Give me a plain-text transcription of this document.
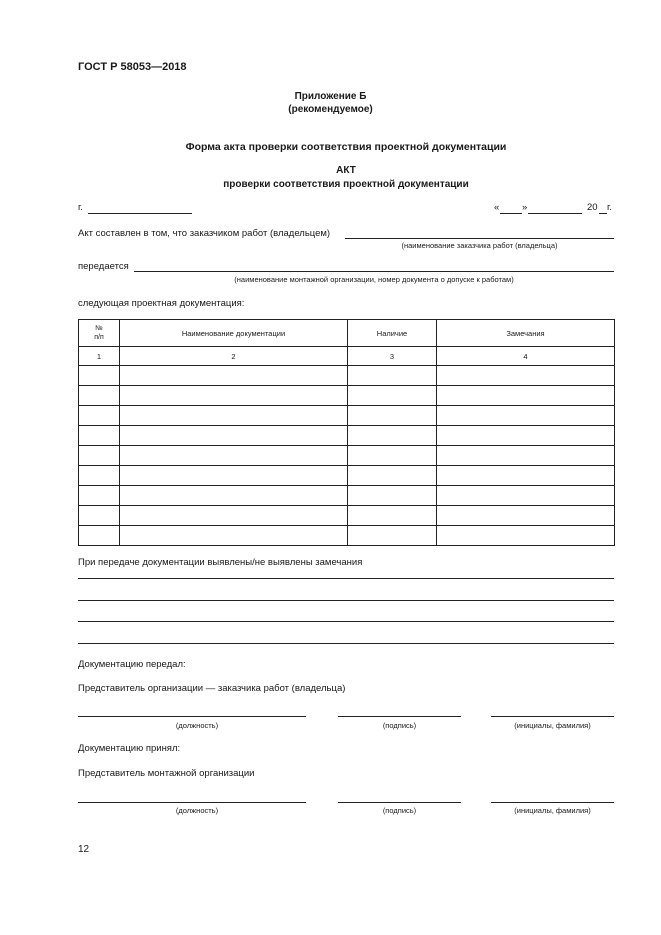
ГОСТ Р 58053—2018
Приложение Б
(рекомендуемое)
Форма акта проверки соответствия проектной документации
АКТ
проверки соответствия проектной документации
г.	« »	20 г.
Акт составлен в том, что заказчиком работ (владельцем)
(наименование заказчика работ (владельца)
передается
(наименование монтажной организации, номер документа о допуске к работам)
следующая проектная документация:
№
п/п	Наименование документации	Наличие	Замечания
1	2	3	4

При передаче документации выявлены/не выявлены замечания
Документацию передал:
Представитель организации — заказчика работ (владельца)
(должность)	(подпись)	(инициалы, фамилия)
Документацию принял:
Представитель монтажной организации
(должность)	(подпись)	(инициалы, фамилия)
12
